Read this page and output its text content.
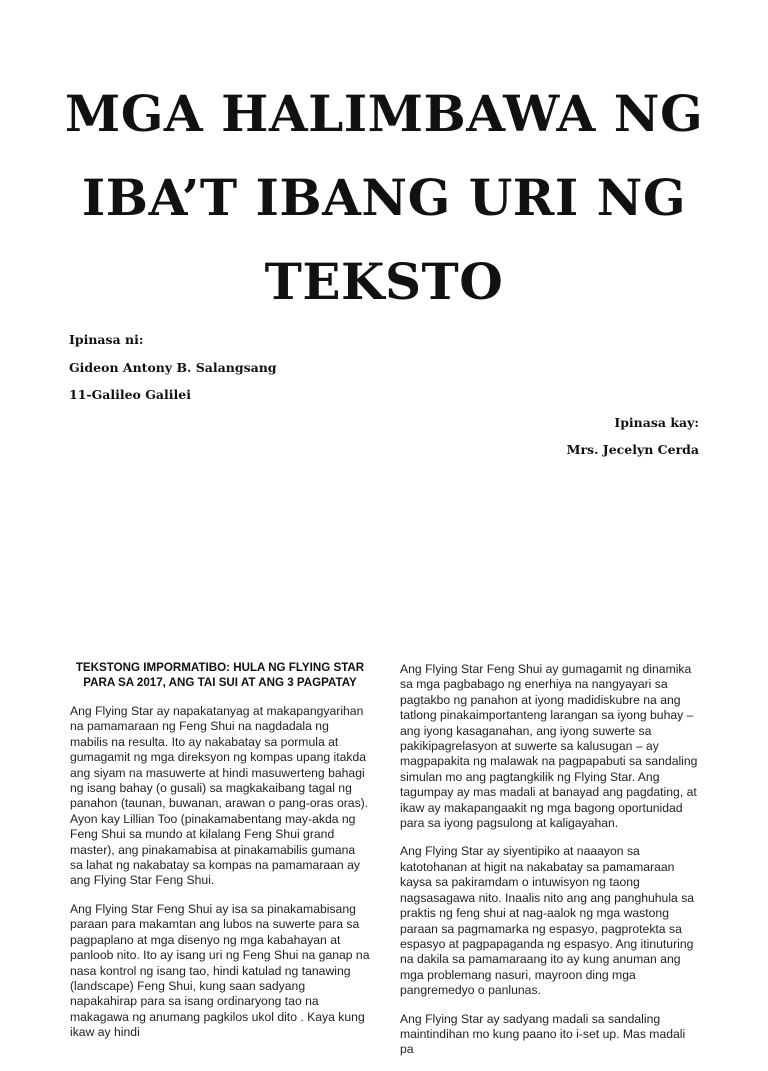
MGA HALIMBAWA NG
IBA’T IBANG URI NG
TEKSTO
Ipinasa ni:
Gideon Antony B. Salangsang
11-Galileo Galilei
Ipinasa kay:
Mrs. Jecelyn Cerda

TEKSTONG IMPORMATIBO: HULA NG FLYING STAR PARA SA 2017, ANG TAI SUI AT ANG 3 PAGPATAY

Ang Flying Star ay napakatanyag at makapangyarihan na pamamaraan ng Feng Shui na nagdadala ng mabilis na resulta. Ito ay nakabatay sa pormula at gumagamit ng mga direksyon ng kompas upang itakda ang siyam na masuwerte at hindi masuwerteng bahagi ng isang bahay (o gusali) sa magkakaibang tagal ng panahon (taunan, buwanan, arawan o pang-oras oras). Ayon kay Lillian Too (pinakamabentang may-akda ng Feng Shui sa mundo at kilalang Feng Shui grand master), ang pinakamabisa at pinakamabilis gumana sa lahat ng nakabatay sa kompas na pamamaraan ay ang Flying Star Feng Shui.

Ang Flying Star Feng Shui ay isa sa pinakamabisang paraan para makamtan ang lubos na suwerte para sa pagpaplano at mga disenyo ng mga kabahayan at panloob nito. Ito ay isang uri ng Feng Shui na ganap na nasa kontrol ng isang tao, hindi katulad ng tanawing (landscape) Feng Shui, kung saan sadyang napakahirap para sa isang ordinaryong tao na makagawa ng anumang pagkilos ukol dito . Kaya kung ikaw ay hindi

Ang Flying Star Feng Shui ay gumagamit ng dinamika sa mga pagbabago ng enerhiya na nangyayari sa pagtakbo ng panahon at iyong madidiskubre na ang tatlong pinakaimportanteng larangan sa iyong buhay – ang iyong kasaganahan, ang iyong suwerte sa pakikipagrelasyon at suwerte sa kalusugan – ay magpapakita ng malawak na pagpapabuti sa sandaling simulan mo ang pagtangkilik ng Flying Star. Ang tagumpay ay mas madali at banayad ang pagdating, at ikaw ay makapangaakit ng mga bagong oportunidad para sa iyong pagsulong at kaligayahan.

Ang Flying Star ay siyentipiko at naaayon sa katotohanan at higit na nakabatay sa pamamaraan kaysa sa pakiramdam o intuwisyon ng taong nagsasagawa nito. Inaalis nito ang ang panghuhula sa praktis ng feng shui at nag-aalok ng mga wastong paraan sa pagmamarka ng espasyo, pagprotekta sa espasyo at pagpapaganda ng espasyo. Ang itinuturing na dakila sa pamamaraang ito ay kung anuman ang mga problemang nasuri, mayroon ding mga pangremedyo o panlunas.

Ang Flying Star ay sadyang madali sa sandaling maintindihan mo kung paano ito i-set up. Mas madali pa
